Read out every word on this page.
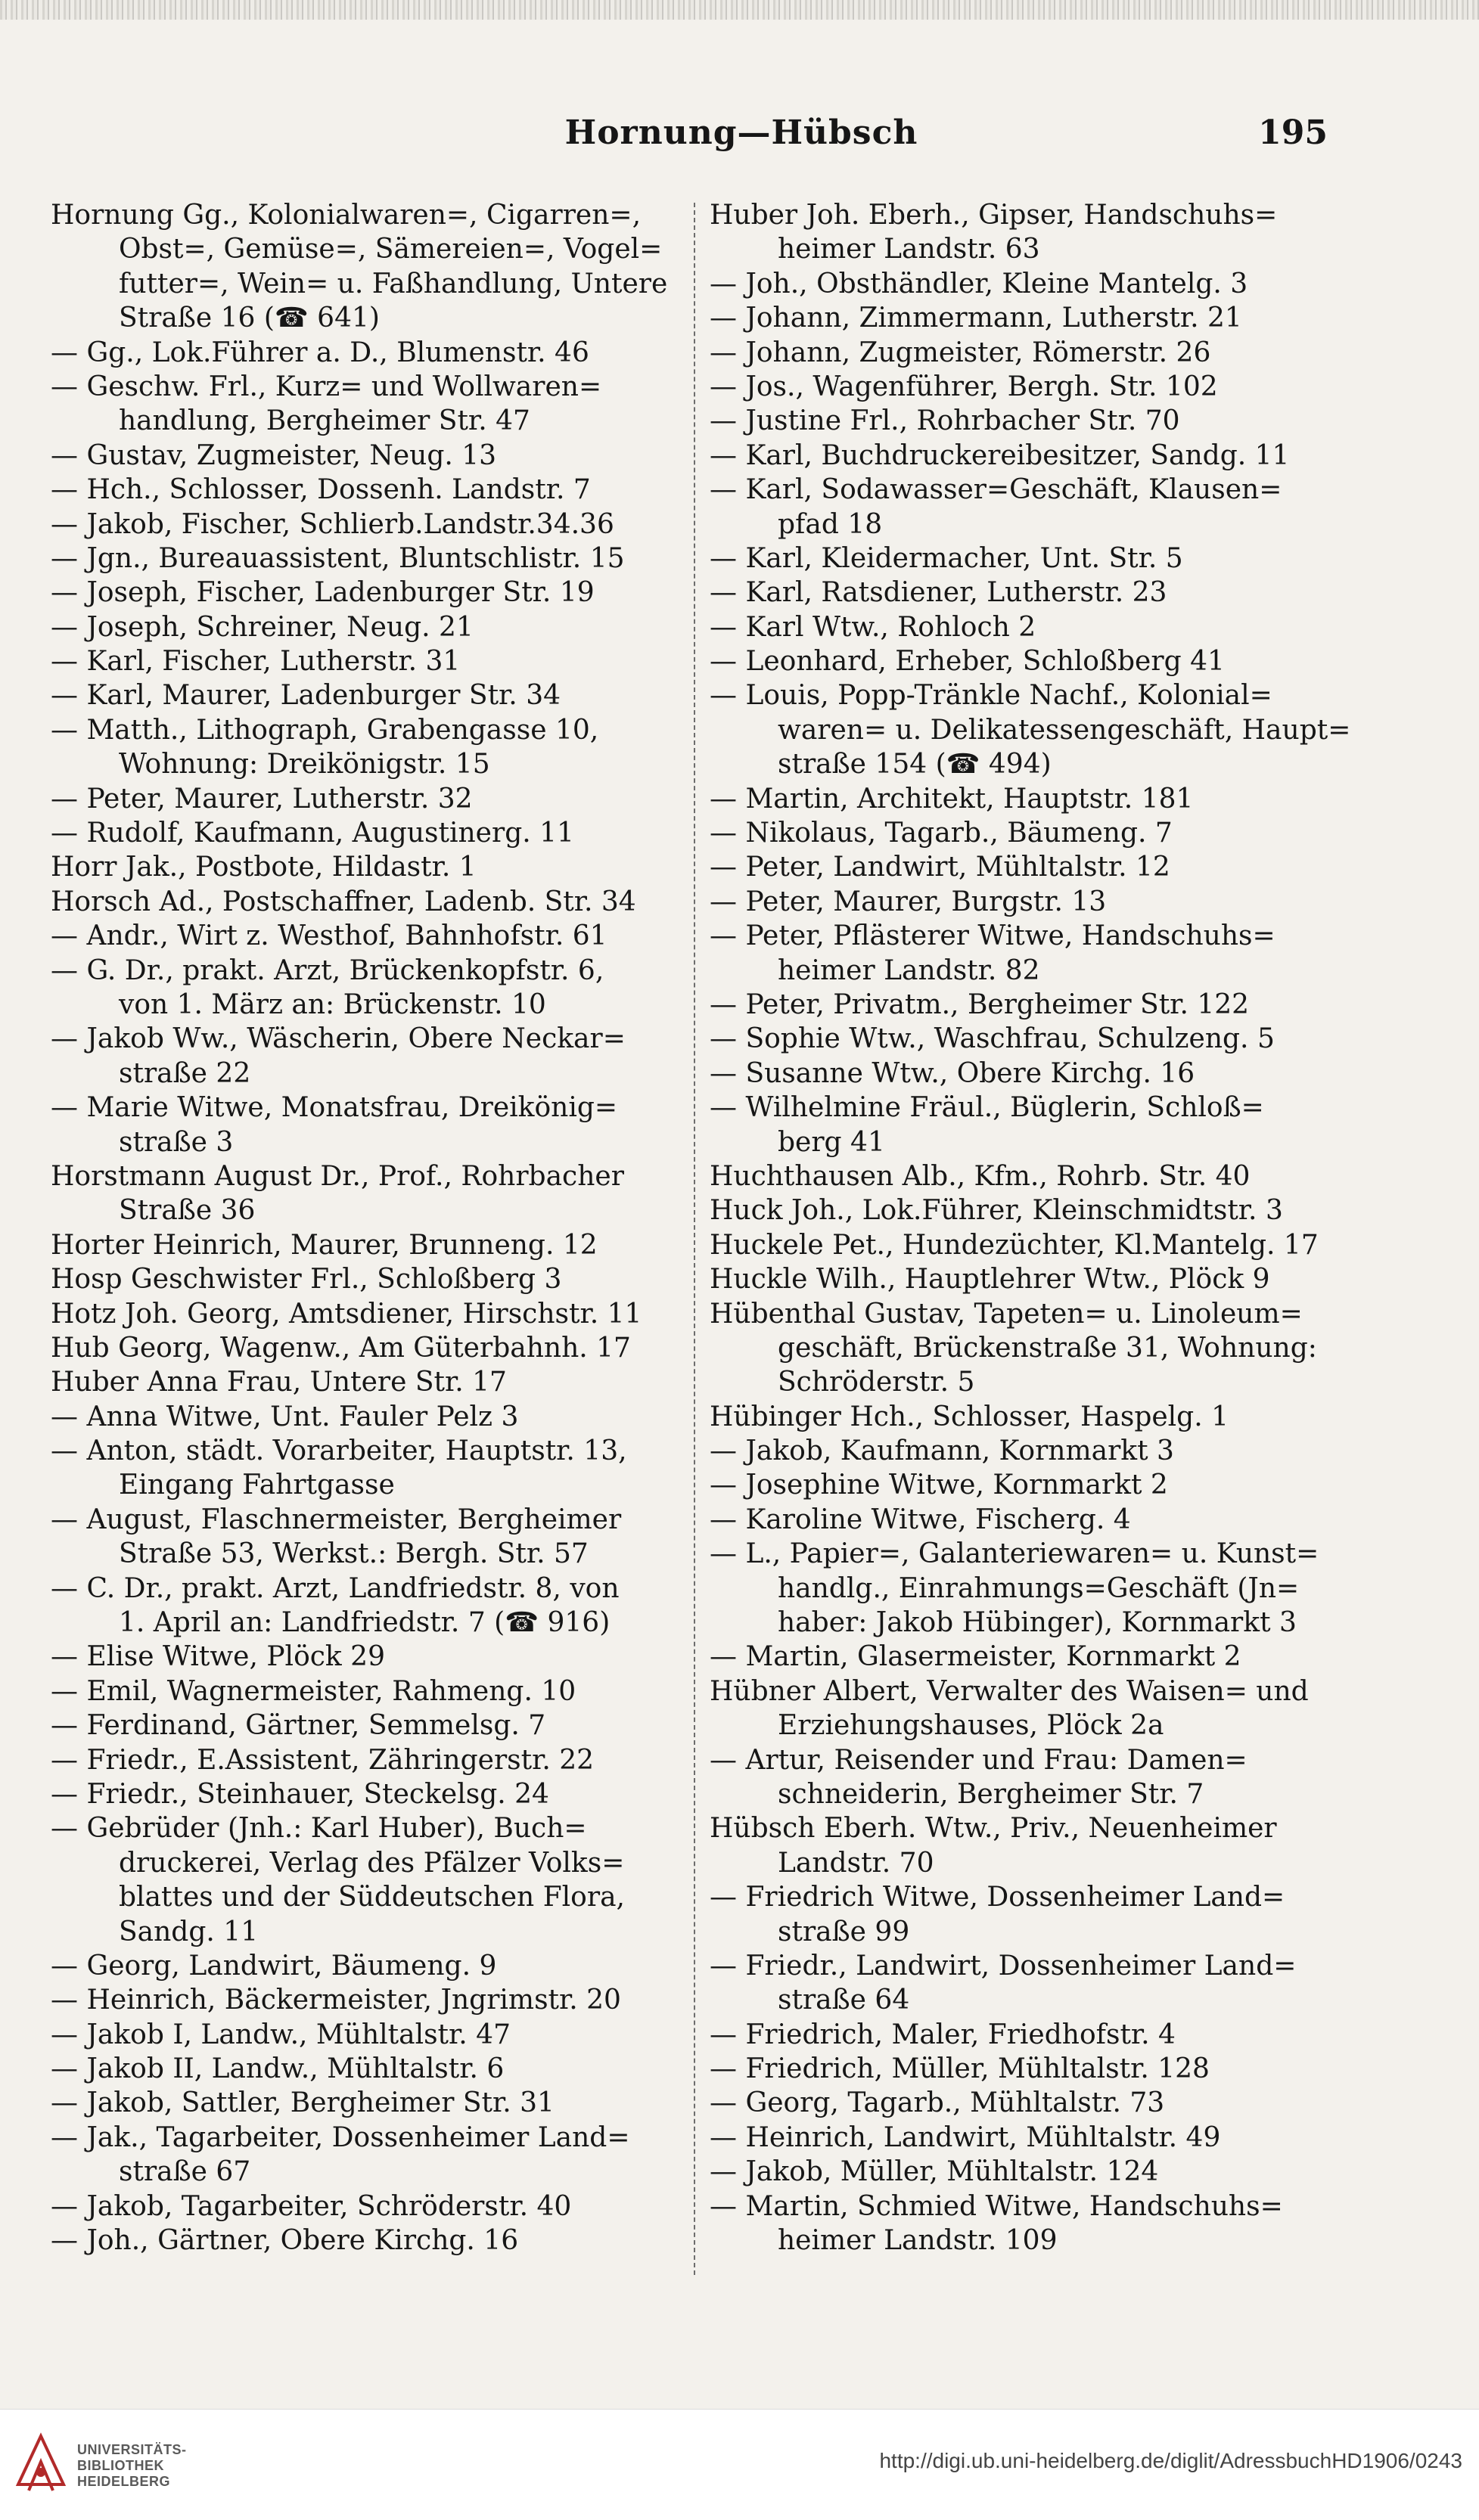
Hornung—Hübsch	195
Hornung Gg., Kolonialwaren=, Cigarren=,
Obst=, Gemüse=, Sämereien=, Vogel=
futter=, Wein= u. Faßhandlung, Untere
Straße 16 (☎ 641)
— Gg., Lok.Führer a. D., Blumenstr. 46
— Geschw. Frl., Kurz= und Wollwaren=
handlung, Bergheimer Str. 47
— Gustav, Zugmeister, Neug. 13
— Hch., Schlosser, Dossenh. Landstr. 7
— Jakob, Fischer, Schlierb.Landstr.34.36
— Jgn., Bureauassistent, Bluntschlistr. 15
— Joseph, Fischer, Ladenburger Str. 19
— Joseph, Schreiner, Neug. 21
— Karl, Fischer, Lutherstr. 31
— Karl, Maurer, Ladenburger Str. 34
— Matth., Lithograph, Grabengasse 10,
Wohnung: Dreikönigstr. 15
— Peter, Maurer, Lutherstr. 32
— Rudolf, Kaufmann, Augustinerg. 11
Horr Jak., Postbote, Hildastr. 1
Horsch Ad., Postschaffner, Ladenb. Str. 34
— Andr., Wirt z. Westhof, Bahnhofstr. 61
— G. Dr., prakt. Arzt, Brückenkopfstr. 6,
von 1. März an: Brückenstr. 10
— Jakob Ww., Wäscherin, Obere Neckar=
straße 22
— Marie Witwe, Monatsfrau, Dreikönig=
straße 3
Horstmann August Dr., Prof., Rohrbacher
Straße 36
Horter Heinrich, Maurer, Brunneng. 12
Hosp Geschwister Frl., Schloßberg 3
Hotz Joh. Georg, Amtsdiener, Hirschstr. 11
Hub Georg, Wagenw., Am Güterbahnh. 17
Huber Anna Frau, Untere Str. 17
— Anna Witwe, Unt. Fauler Pelz 3
— Anton, städt. Vorarbeiter, Hauptstr. 13,
Eingang Fahrtgasse
— August, Flaschnermeister, Bergheimer
Straße 53, Werkst.: Bergh. Str. 57
— C. Dr., prakt. Arzt, Landfriedstr. 8, von
1. April an: Landfriedstr. 7 (☎ 916)
— Elise Witwe, Plöck 29
— Emil, Wagnermeister, Rahmeng. 10
— Ferdinand, Gärtner, Semmelsg. 7
— Friedr., E.Assistent, Zähringerstr. 22
— Friedr., Steinhauer, Steckelsg. 24
— Gebrüder (Jnh.: Karl Huber), Buch=
druckerei, Verlag des Pfälzer Volks=
blattes und der Süddeutschen Flora,
Sandg. 11
— Georg, Landwirt, Bäumeng. 9
— Heinrich, Bäckermeister, Jngrimstr. 20
— Jakob I, Landw., Mühltalstr. 47
— Jakob II, Landw., Mühltalstr. 6
— Jakob, Sattler, Bergheimer Str. 31
— Jak., Tagarbeiter, Dossenheimer Land=
straße 67
— Jakob, Tagarbeiter, Schröderstr. 40
— Joh., Gärtner, Obere Kirchg. 16
Huber Joh. Eberh., Gipser, Handschuhs=
heimer Landstr. 63
— Joh., Obsthändler, Kleine Mantelg. 3
— Johann, Zimmermann, Lutherstr. 21
— Johann, Zugmeister, Römerstr. 26
— Jos., Wagenführer, Bergh. Str. 102
— Justine Frl., Rohrbacher Str. 70
— Karl, Buchdruckereibesitzer, Sandg. 11
— Karl, Sodawasser=Geschäft, Klausen=
pfad 18
— Karl, Kleidermacher, Unt. Str. 5
— Karl, Ratsdiener, Lutherstr. 23
— Karl Wtw., Rohloch 2
— Leonhard, Erheber, Schloßberg 41
— Louis, Popp-Tränkle Nachf., Kolonial=
waren= u. Delikatessengeschäft, Haupt=
straße 154 (☎ 494)
— Martin, Architekt, Hauptstr. 181
— Nikolaus, Tagarb., Bäumeng. 7
— Peter, Landwirt, Mühltalstr. 12
— Peter, Maurer, Burgstr. 13
— Peter, Pflästerer Witwe, Handschuhs=
heimer Landstr. 82
— Peter, Privatm., Bergheimer Str. 122
— Sophie Wtw., Waschfrau, Schulzeng. 5
— Susanne Wtw., Obere Kirchg. 16
— Wilhelmine Fräul., Büglerin, Schloß=
berg 41
Huchthausen Alb., Kfm., Rohrb. Str. 40
Huck Joh., Lok.Führer, Kleinschmidtstr. 3
Huckele Pet., Hundezüchter, Kl.Mantelg. 17
Huckle Wilh., Hauptlehrer Wtw., Plöck 9
Hübenthal Gustav, Tapeten= u. Linoleum=
geschäft, Brückenstraße 31, Wohnung:
Schröderstr. 5
Hübinger Hch., Schlosser, Haspelg. 1
— Jakob, Kaufmann, Kornmarkt 3
— Josephine Witwe, Kornmarkt 2
— Karoline Witwe, Fischerg. 4
— L., Papier=, Galanteriewaren= u. Kunst=
handlg., Einrahmungs=Geschäft (Jn=
haber: Jakob Hübinger), Kornmarkt 3
— Martin, Glasermeister, Kornmarkt 2
Hübner Albert, Verwalter des Waisen= und
Erziehungshauses, Plöck 2a
— Artur, Reisender und Frau: Damen=
schneiderin, Bergheimer Str. 7
Hübsch Eberh. Wtw., Priv., Neuenheimer
Landstr. 70
— Friedrich Witwe, Dossenheimer Land=
straße 99
— Friedr., Landwirt, Dossenheimer Land=
straße 64
— Friedrich, Maler, Friedhofstr. 4
— Friedrich, Müller, Mühltalstr. 128
— Georg, Tagarb., Mühltalstr. 73
— Heinrich, Landwirt, Mühltalstr. 49
— Jakob, Müller, Mühltalstr. 124
— Martin, Schmied Witwe, Handschuhs=
heimer Landstr. 109
UNIVERSITÄTS-
BIBLIOTHEK
HEIDELBERG
http://digi.ub.uni-heidelberg.de/diglit/AdressbuchHD1906/0243
